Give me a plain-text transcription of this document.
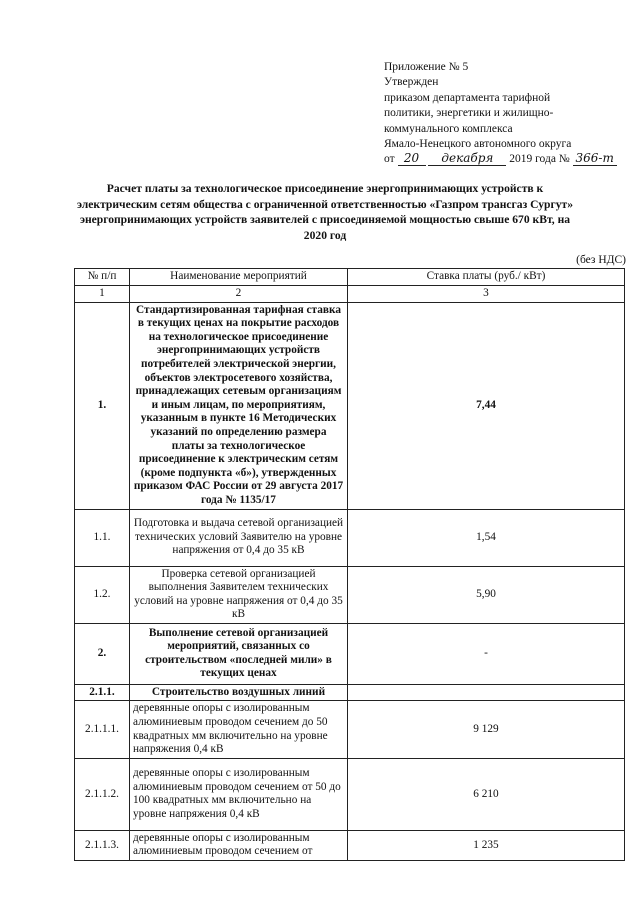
Приложение № 5
Утвержден
приказом департамента тарифной
политики, энергетики и жилищно-
коммунального комплекса
Ямало-Ненецкого автономного округа
от 20 декабря 2019 года № 366-т
Расчет платы за технологическое присоединение энергопринимающих устройств к электрическим сетям общества с ограниченной ответственностью «Газпром трансгаз Сургут» энергопринимающих устройств заявителей с присоединяемой мощностью свыше 670 кВт, на 2020 год
(без НДС)
№ п/п	Наименование мероприятий	Ставка платы (руб./ кВт)
1	2	3
1.	Стандартизированная тарифная ставка в текущих ценах на покрытие расходов на технологическое присоединение энергопринимающих устройств потребителей электрической энергии, объектов электросетевого хозяйства, принадлежащих сетевым организациям и иным лицам, по мероприятиям, указанным в пункте 16 Методических указаний по определению размера платы за технологическое присоединение к электрическим сетям (кроме подпункта «б»), утвержденных приказом ФАС России от 29 августа 2017 года № 1135/17	7,44
1.1.	Подготовка и выдача сетевой организацией технических условий Заявителю на уровне напряжения от 0,4 до 35 кВ	1,54
1.2.	Проверка сетевой организацией выполнения Заявителем технических условий на уровне напряжения от 0,4 до 35 кВ	5,90
2.	Выполнение сетевой организацией мероприятий, связанных со строительством «последней мили» в текущих ценах	-
2.1.1.	Строительство воздушных линий	
2.1.1.1.	деревянные опоры с изолированным алюминиевым проводом сечением до 50 квадратных мм включительно на уровне напряжения 0,4 кВ	9 129
2.1.1.2.	деревянные опоры с изолированным алюминиевым проводом сечением от 50 до 100 квадратных мм включительно на уровне напряжения 0,4 кВ	6 210
2.1.1.3.	деревянные опоры с изолированным алюминиевым проводом сечением от	1 235
